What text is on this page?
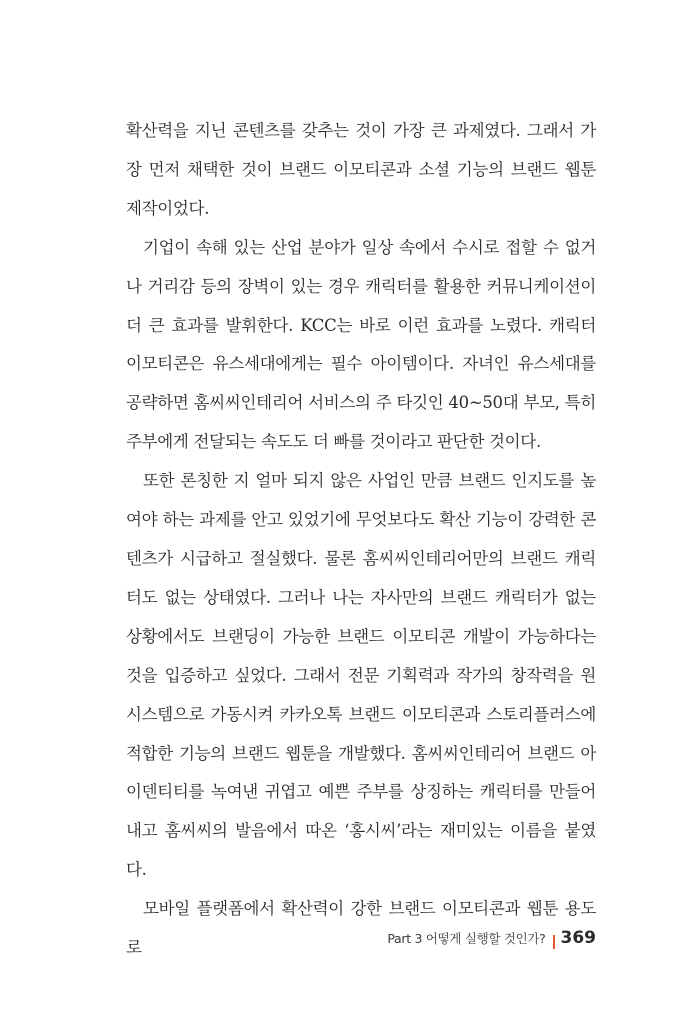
확산력을 지닌 콘텐츠를 갖추는 것이 가장 큰 과제였다. 그래서 가장 먼저 채택한 것이 브랜드 이모티콘과 소셜 기능의 브랜드 웹툰 제작이었다.

기업이 속해 있는 산업 분야가 일상 속에서 수시로 접할 수 없거나 거리감 등의 장벽이 있는 경우 캐릭터를 활용한 커뮤니케이션이 더 큰 효과를 발휘한다. KCC는 바로 이런 효과를 노렸다. 캐릭터 이모티콘은 유스세대에게는 필수 아이템이다. 자녀인 유스세대를 공략하면 홈씨씨인테리어 서비스의 주 타깃인 40~50대 부모, 특히 주부에게 전달되는 속도도 더 빠를 것이라고 판단한 것이다.

또한 론칭한 지 얼마 되지 않은 사업인 만큼 브랜드 인지도를 높여야 하는 과제를 안고 있었기에 무엇보다도 확산 기능이 강력한 콘텐츠가 시급하고 절실했다. 물론 홈씨씨인테리어만의 브랜드 캐릭터도 없는 상태였다. 그러나 나는 자사만의 브랜드 캐릭터가 없는 상황에서도 브랜딩이 가능한 브랜드 이모티콘 개발이 가능하다는 것을 입증하고 싶었다. 그래서 전문 기획력과 작가의 창작력을 원 시스템으로 가동시켜 카카오톡 브랜드 이모티콘과 스토리플러스에 적합한 기능의 브랜드 웹툰을 개발했다. 홈씨씨인테리어 브랜드 아이덴티티를 녹여낸 귀엽고 예쁜 주부를 상징하는 캐릭터를 만들어내고 홈씨씨의 발음에서 따온 ‘홍시씨’라는 재미있는 이름을 붙였다.

모바일 플랫폼에서 확산력이 강한 브랜드 이모티콘과 웹툰 용도로	Part 3 어떻게 실행할 것인가? 369
